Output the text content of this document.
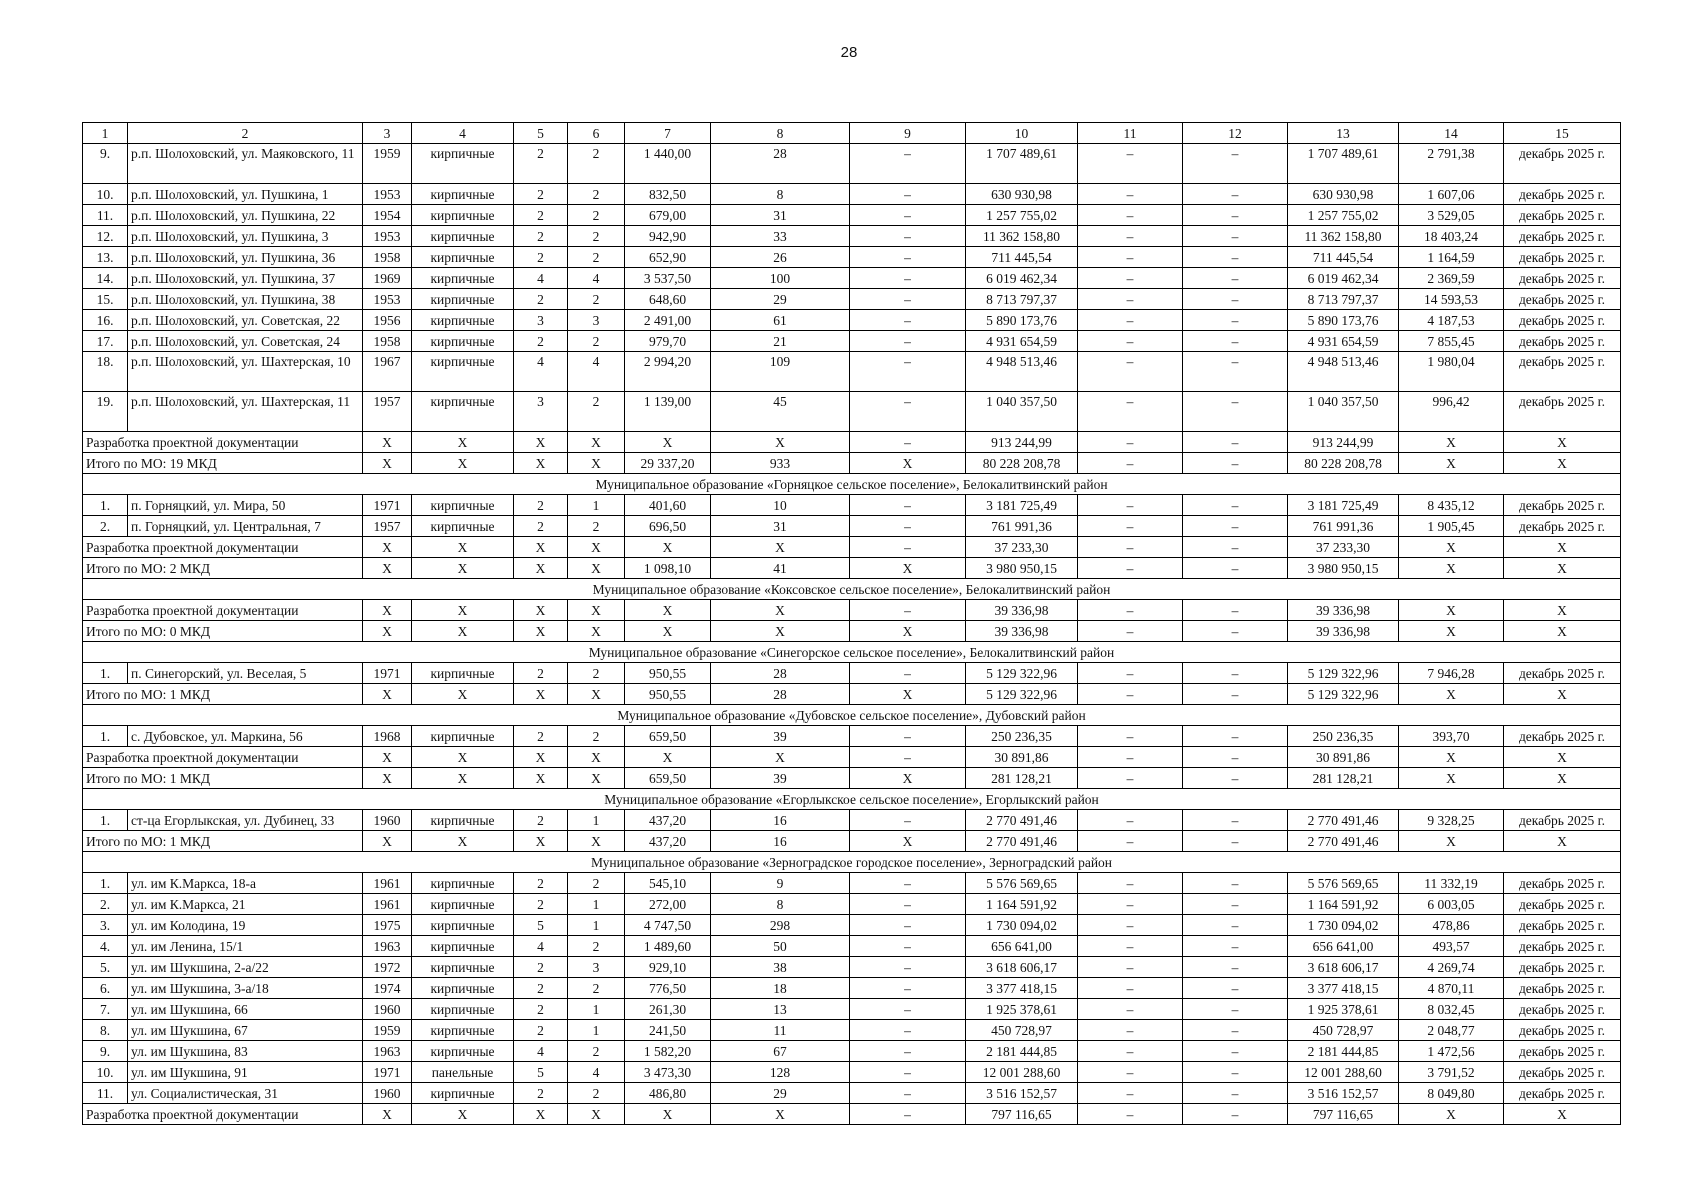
28
1	2	3	4	5	6	7	8	9	10	11	12	13	14	15
9.	р.п. Шолоховский, ул. Маяковского, 11	1959	кирпичные	2	2	1 440,00	28	–	1 707 489,61	–	–	1 707 489,61	2 791,38	декабрь 2025 г.
10.	р.п. Шолоховский, ул. Пушкина, 1	1953	кирпичные	2	2	832,50	8	–	630 930,98	–	–	630 930,98	1 607,06	декабрь 2025 г.
11.	р.п. Шолоховский, ул. Пушкина, 22	1954	кирпичные	2	2	679,00	31	–	1 257 755,02	–	–	1 257 755,02	3 529,05	декабрь 2025 г.
12.	р.п. Шолоховский, ул. Пушкина, 3	1953	кирпичные	2	2	942,90	33	–	11 362 158,80	–	–	11 362 158,80	18 403,24	декабрь 2025 г.
13.	р.п. Шолоховский, ул. Пушкина, 36	1958	кирпичные	2	2	652,90	26	–	711 445,54	–	–	711 445,54	1 164,59	декабрь 2025 г.
14.	р.п. Шолоховский, ул. Пушкина, 37	1969	кирпичные	4	4	3 537,50	100	–	6 019 462,34	–	–	6 019 462,34	2 369,59	декабрь 2025 г.
15.	р.п. Шолоховский, ул. Пушкина, 38	1953	кирпичные	2	2	648,60	29	–	8 713 797,37	–	–	8 713 797,37	14 593,53	декабрь 2025 г.
16.	р.п. Шолоховский, ул. Советская, 22	1956	кирпичные	3	3	2 491,00	61	–	5 890 173,76	–	–	5 890 173,76	4 187,53	декабрь 2025 г.
17.	р.п. Шолоховский, ул. Советская, 24	1958	кирпичные	2	2	979,70	21	–	4 931 654,59	–	–	4 931 654,59	7 855,45	декабрь 2025 г.
18.	р.п. Шолоховский, ул. Шахтерская, 10	1967	кирпичные	4	4	2 994,20	109	–	4 948 513,46	–	–	4 948 513,46	1 980,04	декабрь 2025 г.
19.	р.п. Шолоховский, ул. Шахтерская, 11	1957	кирпичные	3	2	1 139,00	45	–	1 040 357,50	–	–	1 040 357,50	996,42	декабрь 2025 г.
Разработка проектной документации		X	X	X	X	X	X	–	913 244,99	–	–	913 244,99	X	X
Итого по МО: 19 МКД		X	X	X	X	29 337,20	933	X	80 228 208,78	–	–	80 228 208,78	X	X
Муниципальное образование «Горняцкое сельское поселение», Белокалитвинский район														
1.	п. Горняцкий, ул. Мира, 50	1971	кирпичные	2	1	401,60	10	–	3 181 725,49	–	–	3 181 725,49	8 435,12	декабрь 2025 г.
2.	п. Горняцкий, ул. Центральная, 7	1957	кирпичные	2	2	696,50	31	–	761 991,36	–	–	761 991,36	1 905,45	декабрь 2025 г.
Разработка проектной документации		X	X	X	X	X	X	–	37 233,30	–	–	37 233,30	X	X
Итого по МО: 2 МКД		X	X	X	X	1 098,10	41	X	3 980 950,15	–	–	3 980 950,15	X	X
Муниципальное образование «Коксовское сельское поселение», Белокалитвинский район														
Разработка проектной документации		X	X	X	X	X	X	–	39 336,98	–	–	39 336,98	X	X
Итого по МО: 0 МКД		X	X	X	X	X	X	X	39 336,98	–	–	39 336,98	X	X
Муниципальное образование «Синегорское сельское поселение», Белокалитвинский район														
1.	п. Синегорский, ул. Веселая, 5	1971	кирпичные	2	2	950,55	28	–	5 129 322,96	–	–	5 129 322,96	7 946,28	декабрь 2025 г.
Итого по МО: 1 МКД		X	X	X	X	950,55	28	X	5 129 322,96	–	–	5 129 322,96	X	X
Муниципальное образование «Дубовское сельское поселение», Дубовский район														
1.	с. Дубовское, ул. Маркина, 56	1968	кирпичные	2	2	659,50	39	–	250 236,35	–	–	250 236,35	393,70	декабрь 2025 г.
Разработка проектной документации		X	X	X	X	X	X	–	30 891,86	–	–	30 891,86	X	X
Итого по МО: 1 МКД		X	X	X	X	659,50	39	X	281 128,21	–	–	281 128,21	X	X
Муниципальное образование «Егорлыкское сельское поселение», Егорлыкский район														
1.	ст-ца Егорлыкская, ул. Дубинец, 33	1960	кирпичные	2	1	437,20	16	–	2 770 491,46	–	–	2 770 491,46	9 328,25	декабрь 2025 г.
Итого по МО: 1 МКД		X	X	X	X	437,20	16	X	2 770 491,46	–	–	2 770 491,46	X	X
Муниципальное образование «Зерноградское городское поселение», Зерноградский район														
1.	ул. им К.Маркса, 18-а	1961	кирпичные	2	2	545,10	9	–	5 576 569,65	–	–	5 576 569,65	11 332,19	декабрь 2025 г.
2.	ул. им К.Маркса, 21	1961	кирпичные	2	1	272,00	8	–	1 164 591,92	–	–	1 164 591,92	6 003,05	декабрь 2025 г.
3.	ул. им Колодина, 19	1975	кирпичные	5	1	4 747,50	298	–	1 730 094,02	–	–	1 730 094,02	478,86	декабрь 2025 г.
4.	ул. им Ленина, 15/1	1963	кирпичные	4	2	1 489,60	50	–	656 641,00	–	–	656 641,00	493,57	декабрь 2025 г.
5.	ул. им Шукшина, 2-а/22	1972	кирпичные	2	3	929,10	38	–	3 618 606,17	–	–	3 618 606,17	4 269,74	декабрь 2025 г.
6.	ул. им Шукшина, 3-а/18	1974	кирпичные	2	2	776,50	18	–	3 377 418,15	–	–	3 377 418,15	4 870,11	декабрь 2025 г.
7.	ул. им Шукшина, 66	1960	кирпичные	2	1	261,30	13	–	1 925 378,61	–	–	1 925 378,61	8 032,45	декабрь 2025 г.
8.	ул. им Шукшина, 67	1959	кирпичные	2	1	241,50	11	–	450 728,97	–	–	450 728,97	2 048,77	декабрь 2025 г.
9.	ул. им Шукшина, 83	1963	кирпичные	4	2	1 582,20	67	–	2 181 444,85	–	–	2 181 444,85	1 472,56	декабрь 2025 г.
10.	ул. им Шукшина, 91	1971	панельные	5	4	3 473,30	128	–	12 001 288,60	–	–	12 001 288,60	3 791,52	декабрь 2025 г.
11.	ул. Социалистическая, 31	1960	кирпичные	2	2	486,80	29	–	3 516 152,57	–	–	3 516 152,57	8 049,80	декабрь 2025 г.
Разработка проектной документации		X	X	X	X	X	X	–	797 116,65	–	–	797 116,65	X	X
